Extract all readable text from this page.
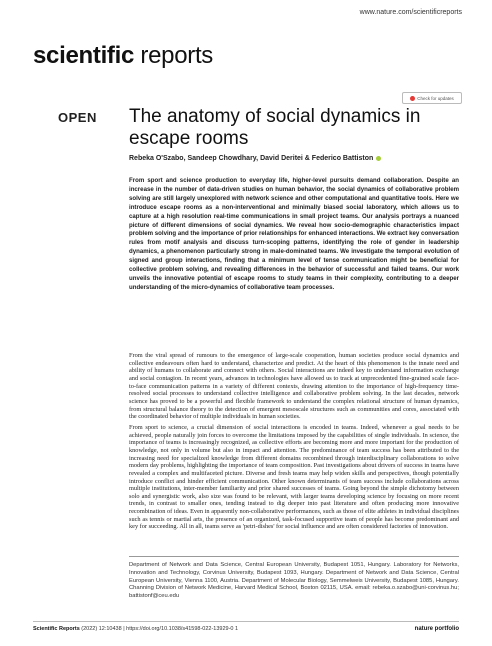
www.nature.com/scientificreports
scientific reports
Check for updates
OPEN The anatomy of social dynamics in escape rooms
Rebeka O'Szabo, Sandeep Chowdhary, David Deritei & Federico Battiston

From sport and science production to everyday life, higher-level pursuits demand collaboration. Despite an increase in the number of data-driven studies on human behavior, the social dynamics of collaborative problem solving are still largely unexplored with network science and other computational and quantitative tools. Here we introduce escape rooms as a non-interventional and minimally biased social laboratory, which allows us to capture at a high resolution real-time communications in small project teams. Our analysis portrays a nuanced picture of different dimensions of social dynamics. We reveal how socio-demographic characteristics impact problem solving and the importance of prior relationships for enhanced interactions. We extract key conversation rules from motif analysis and discuss turn-scoping patterns, identifying the role of gender in leadership dynamics, a phenomenon particularly strong in male-dominated teams. We investigate the temporal evolution of signed and group interactions, finding that a minimum level of tense communication might be beneficial for collective problem solving, and revealing differences in the behavior of successful and failed teams. Our work unveils the innovative potential of escape rooms to study teams in their complexity, contributing to a deeper understanding of the micro-dynamics of collaborative team processes.

From the viral spread of rumours to the emergence of large-scale cooperation, human societies produce social dynamics and collective endeavours often hard to understand, characterize and predict. At the heart of this phenomenon is the innate need and ability of humans to collaborate and connect with others. Social interactions are indeed key to understand information exchange and social contagion. In recent years, advances in technologies have allowed us to track at unprecedented fine-grained scale face-to-face communication patterns in a variety of different contexts, drawing attention to the importance of high-frequency time-resolved social processes to understand collective intelligence and collaborative problem solving. In the last decades, network science has proved to be a powerful and flexible framework to understand the complex relational structure of human dynamics, from structural balance theory to the detection of emergent mesoscale structures such as communities and cores, associated with the coordinated behavior of multiple individuals in human societies.

From sport to science, a crucial dimension of social interactions is encoded in teams. Indeed, whenever a goal needs to be achieved, people naturally join forces to overcome the limitations imposed by the capabilities of single individuals. In science, the importance of teams is increasingly recognized, as collective efforts are becoming more and more important for the production of knowledge, not only in volume but also in impact and attention. The predominance of team success has been attributed to the increasing need for specialized knowledge from different domains recombined through interdisciplinary collaborations to solve modern day problems, highlighting the importance of team composition. Past investigations about drivers of success in teams have revealed a complex and multifaceted picture. Diverse and fresh teams may help widen skills and perspectives, though potentially introduce conflict and hinder efficient communication. Other known determinants of team success include collaborations across multiple institutions, inter-member familiarity and prior shared successes of teams. Going beyond the simple dichotomy between solo and synergistic work, also size was found to be relevant, with larger teams developing science by focusing on more recent trends, in contrast to smaller ones, tending instead to dig deeper into past literature and often producing more innovative recombination of ideas. Even in apparently non-collaborative performances, such as those of elite athletes in individual disciplines such as tennis or martial arts, the presence of an organized, task-focused supportive team of people has become predominant and key for succeeding. All in all, teams serve as 'petri-dishes' for social influence and are often considered factories of innovation.

Department of Network and Data Science, Central European University, Budapest 1051, Hungary. Laboratory for Networks, Innovation and Technology, Corvinus University, Budapest 1093, Hungary. Department of Network and Data Science, Central European University, Vienna 1100, Austria. Department of Molecular Biology, Semmelweis University, Budapest 1085, Hungary. Channing Division of Network Medicine, Harvard Medical School, Boston 02115, USA. email: rebeka.o.szabo@uni-corvinus.hu; battistonf@ceu.edu

Scientific Reports (2022) 12:10438 | https://doi.org/10.1038/s41598-022-13929-0 1	nature portfolio
